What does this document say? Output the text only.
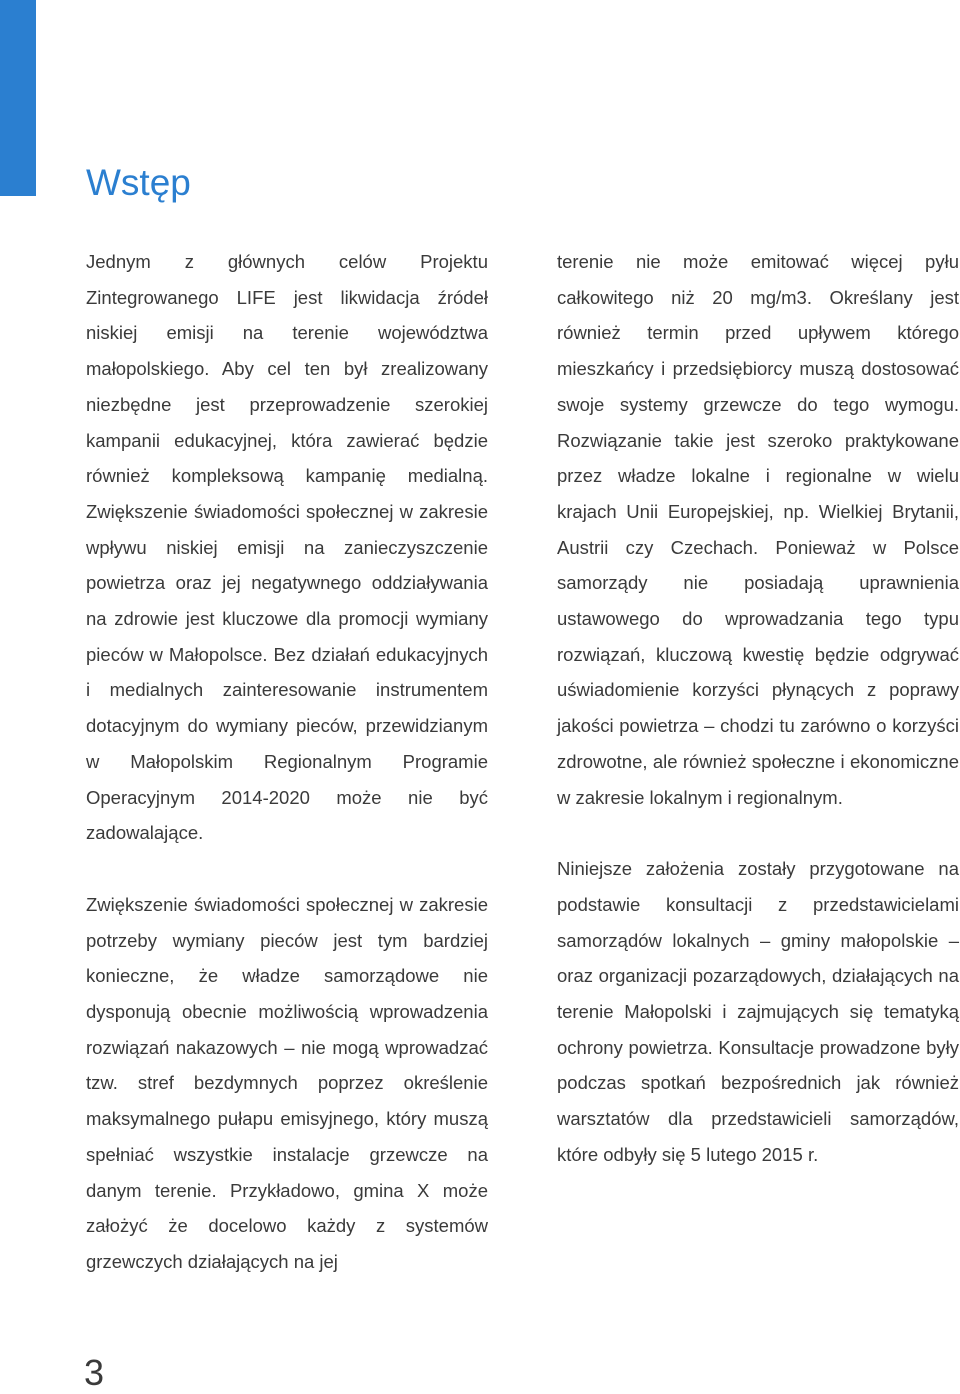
Wstęp

Jednym z głównych celów Projektu Zintegrowanego LIFE jest likwidacja źródeł niskiej emisji na terenie województwa małopolskiego. Aby cel ten był zrealizowany niezbędne jest przeprowadzenie szerokiej kampanii edukacyjnej, która zawierać będzie również kompleksową kampanię medialną. Zwiększenie świadomości społecznej w zakresie wpływu niskiej emisji na zanieczyszczenie powietrza oraz jej negatywnego oddziaływania na zdrowie jest kluczowe dla promocji wymiany pieców w Małopolsce. Bez działań edukacyjnych i medialnych zainteresowanie instrumentem dotacyjnym do wymiany pieców, przewidzianym w Małopolskim Regionalnym Programie Operacyjnym 2014-2020 może nie być zadowalające.

Zwiększenie świadomości społecznej w zakresie potrzeby wymiany pieców jest tym bardziej konieczne, że władze samorządowe nie dysponują obecnie możliwością wprowadzenia rozwiązań nakazowych – nie mogą wprowadzać tzw. stref bezdymnych poprzez określenie maksymalnego pułapu emisyjnego, który muszą spełniać wszystkie instalacje grzewcze na danym terenie. Przykładowo, gmina X może założyć że docelowo każdy z systemów grzewczych działających na jej

terenie nie może emitować więcej pyłu całkowitego niż 20 mg/m3. Określany jest również termin przed upływem którego mieszkańcy i przedsiębiorcy muszą dostosować swoje systemy grzewcze do tego wymogu. Rozwiązanie takie jest szeroko praktykowane przez władze lokalne i regionalne w wielu krajach Unii Europejskiej, np. Wielkiej Brytanii, Austrii czy Czechach. Ponieważ w Polsce samorządy nie posiadają uprawnienia ustawowego do wprowadzania tego typu rozwiązań, kluczową kwestię będzie odgrywać uświadomienie korzyści płynących z poprawy jakości powietrza – chodzi tu zarówno o korzyści zdrowotne, ale również społeczne i ekonomiczne w zakresie lokalnym i regionalnym.

Niniejsze założenia zostały przygotowane na podstawie konsultacji z przedstawicielami samorządów lokalnych – gminy małopolskie – oraz organizacji pozarządowych, działających na terenie Małopolski i zajmujących się tematyką ochrony powietrza. Konsultacje prowadzone były podczas spotkań bezpośrednich jak również warsztatów dla przedstawicieli samorządów, które odbyły się 5 lutego 2015 r.

3
